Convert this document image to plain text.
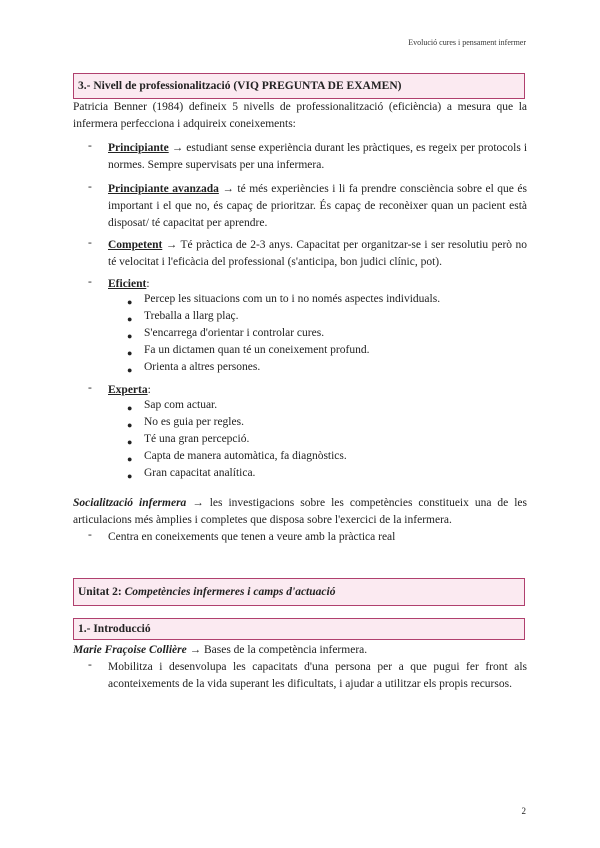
Evolució cures i pensament infermer
3.- Nivell de professionalització (VIQ PREGUNTA DE EXAMEN)
Patricia Benner (1984) defineix 5 nivells de professionalització (eficiència) a mesura que la infermera perfecciona i adquireix coneixements:
- Principiante → estudiant sense experiència durant les pràctiques, es regeix per protocols i normes. Sempre supervisats per una infermera.
- Principiante avanzada → té més experiències i li fa prendre consciència sobre el que és important i el que no, és capaç de prioritzar. És capaç de reconèixer quan un pacient està disposat/ té capacitat per aprendre.
- Competent → Té pràctica de 2-3 anys. Capacitat per organitzar-se i ser resolutiu però no té velocitat i l'eficàcia del professional (s'anticipa, bon judici clínic, pot).
- Eficient:
● Percep les situacions com un to i no només aspectes individuals.
● Treballa a llarg plaç.
● S'encarrega d'orientar i controlar cures.
● Fa un dictamen quan té un coneixement profund.
● Orienta a altres persones.
- Experta:
● Sap com actuar.
● No es guia per regles.
● Té una gran percepció.
● Capta de manera automàtica, fa diagnòstics.
● Gran capacitat analítica.
Socialització infermera → les investigacions sobre les competències constitueix una de les articulacions més àmplies i completes que disposa sobre l'exercici de la infermera.
- Centra en coneixements que tenen a veure amb la pràctica real
Unitat 2: Competències infermeres i camps d'actuació
1.- Introducció
Marie Fraçoise Collière → Bases de la competència infermera.
- Mobilitza i desenvolupa les capacitats d'una persona per a que pugui fer front als aconteixements de la vida superant les dificultats, i ajudar a utilitzar els propis recursos.
2
